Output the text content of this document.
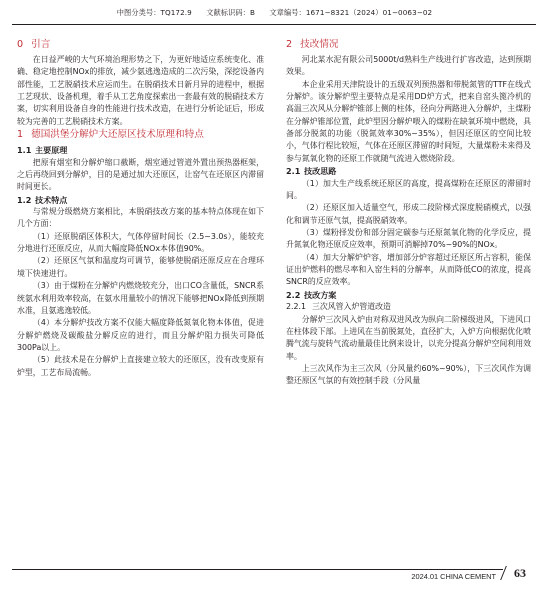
中图分类号：TQ172.9 文献标识码：B 文章编号：1671−8321（2024）01−0063−02
0 引言

在日益严峻的大气环境治理形势之下，为更好地适应系统变化、准确、稳定地控制NOx的排放，减少氨逃逸造成的二次污染，深挖设备内部性能，工艺脱硝技术应运而生。在脱硝技术日新月异的进程中，根据工艺现状、设备机理，着手从工艺角度探索出一套最有效的脱硝技术方案，切实利用设备自身的性能进行技术改造，在进行分析论证后，形成较为完善的工艺脱硝技术方案。

1 德国洪堡分解炉大还原区技术原理和特点
1.1 主要原理

把原有烟室和分解炉缩口截断，烟室通过管道外置出预热器框架，之后再绕回到分解炉，目的是通过加大还原区，让窑气在还原区内滞留时间更长。

1.2 技术特点

与常规分级燃烧方案相比，本脱硝技改方案的基本特点体现在如下几个方面：

（1）还原脱硝区体积大，气体停留时间长（2.5~3.0s），能较充分地进行还原反应，从而大幅度降低NOx本体值90%。

（2）还原区气氛和温度均可调节，能够使脱硝还原反应在合理环境下快速进行。

（3）由于煤粉在分解炉内燃烧较充分，出口CO含量低，SNCR系统氨水利用效率较高，在氨水用量较小的情况下能够把NOx降低到预期水准，且氨逃逸较低。

（4）本分解炉技改方案不仅能大幅度降低氮氧化物本体值，促进分解炉燃烧及碳酸盐分解反应的进行，而且分解炉阻力损失可降低300Pa以上。

（5）此技术是在分解炉上直接建立较大的还原区，没有改变原有炉型，工艺布局流畅。

2 技改情况

河北某水泥有限公司5000t/d熟料生产线进行扩容改造，达到预期效果。

本企业采用天津院设计的五级双列预热器和带脱氮管的TTF在线式分解炉。该分解炉型主要特点是采用DD炉方式，把来自窑头篦冷机的高温三次风从分解炉锥部上侧的柱体，径向分两路进入分解炉，主煤粉在分解炉锥部位置，此炉型因分解炉喂入的煤粉在缺氧环境中燃烧，具备部分脱氮的功能（脱氮效率30%~35%），但因还原区的空间比较小，气体行程比较短，气体在还原区滞留的时间短，大量煤粉未来得及参与氮氧化物的还原工作就随气流进入燃烧阶段。

2.1 技改思路

（1）加大生产线系统还原区的高度，提高煤粉在还原区的滞留时间。

（2）还原区加入适量空气，形成二段阶梯式深度脱硝模式，以强化和调节还原气氛，提高脱硝效率。

（3）煤粉择发份和部分固定碳参与还原氮氧化物的化学反应，提升氮氧化物还原反应效率，预期可消解掉70%~90%的NOx。

（4）加大分解炉炉容，增加部分炉容超过还原区所占容积，能保证出炉燃料的燃尽率和入窑生料的分解率，从而降低CO的浓度，提高SNCR的反应效率。

2.2 技改方案
2.2.1 三次风管入炉管道改造

分解炉三次风入炉由对称双进风改为纵向二阶梯级进风，下进风口在柱体段下部。上进风在当前脱氮处，直径扩大，入炉方向根据优化喷腾气流与旋转气流动量最佳比例来设计，以充分提高分解炉空间利用效率。

上三次风作为主三次风（分风量约60%~90%），下三次风作为调整还原区气氛的有效控制手段（分风量

2024.01 CHINA CEMENT 63
